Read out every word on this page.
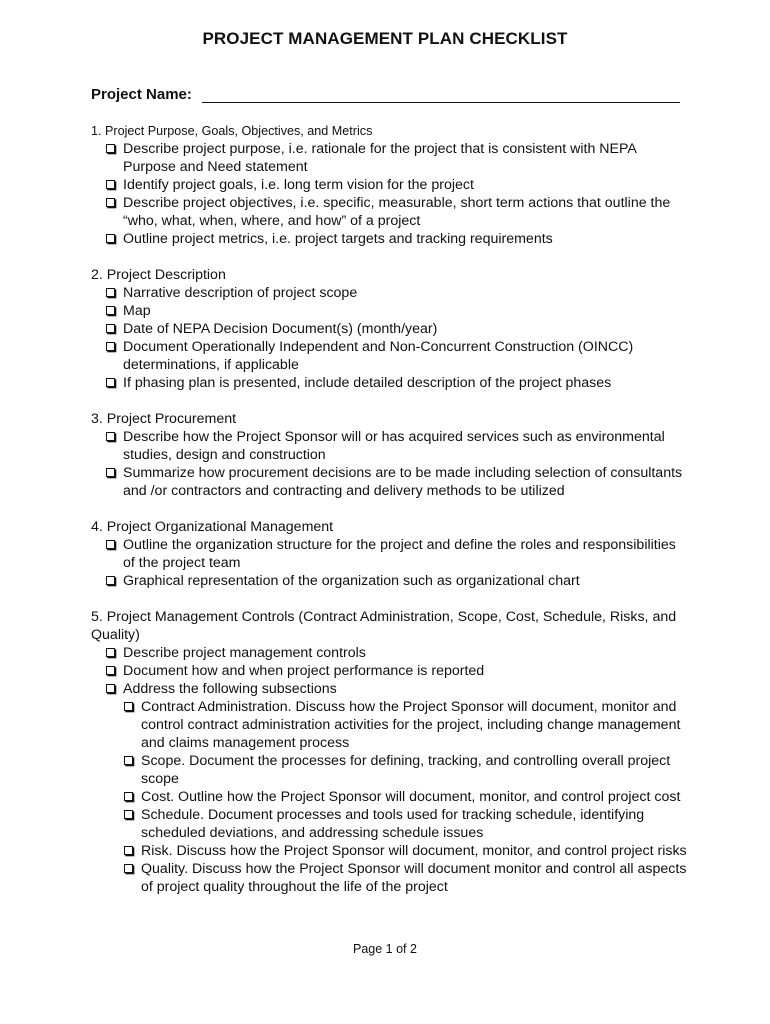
PROJECT MANAGEMENT PLAN CHECKLIST
Project Name:
1. Project Purpose, Goals, Objectives, and Metrics
Describe project purpose, i.e. rationale for the project that is consistent with NEPA Purpose and Need statement
Identify project goals, i.e. long term vision for the project
Describe project objectives, i.e. specific, measurable, short term actions that outline the “who, what, when, where, and how” of a project
Outline project metrics, i.e. project targets and tracking requirements
2. Project Description
Narrative description of project scope
Map
Date of NEPA Decision Document(s) (month/year)
Document Operationally Independent and Non-Concurrent Construction (OINCC) determinations, if applicable
If phasing plan is presented, include detailed description of the project phases
3. Project Procurement
Describe how the Project Sponsor will or has acquired services such as environmental studies, design and construction
Summarize how procurement decisions are to be made including selection of consultants and /or contractors and contracting and delivery methods to be utilized
4. Project Organizational Management
Outline the organization structure for the project and define the roles and responsibilities of the project team
Graphical representation of the organization such as organizational chart
5. Project Management Controls (Contract Administration, Scope, Cost, Schedule, Risks, and Quality)
Describe project management controls
Document how and when project performance is reported
Address the following subsections
Contract Administration. Discuss how the Project Sponsor will document, monitor and control contract administration activities for the project, including change management and claims management process
Scope. Document the processes for defining, tracking, and controlling overall project scope
Cost. Outline how the Project Sponsor will document, monitor, and control project cost
Schedule. Document processes and tools used for tracking schedule, identifying scheduled deviations, and addressing schedule issues
Risk. Discuss how the Project Sponsor will document, monitor, and control project risks
Quality. Discuss how the Project Sponsor will document monitor and control all aspects of project quality throughout the life of the project
Page 1 of 2
